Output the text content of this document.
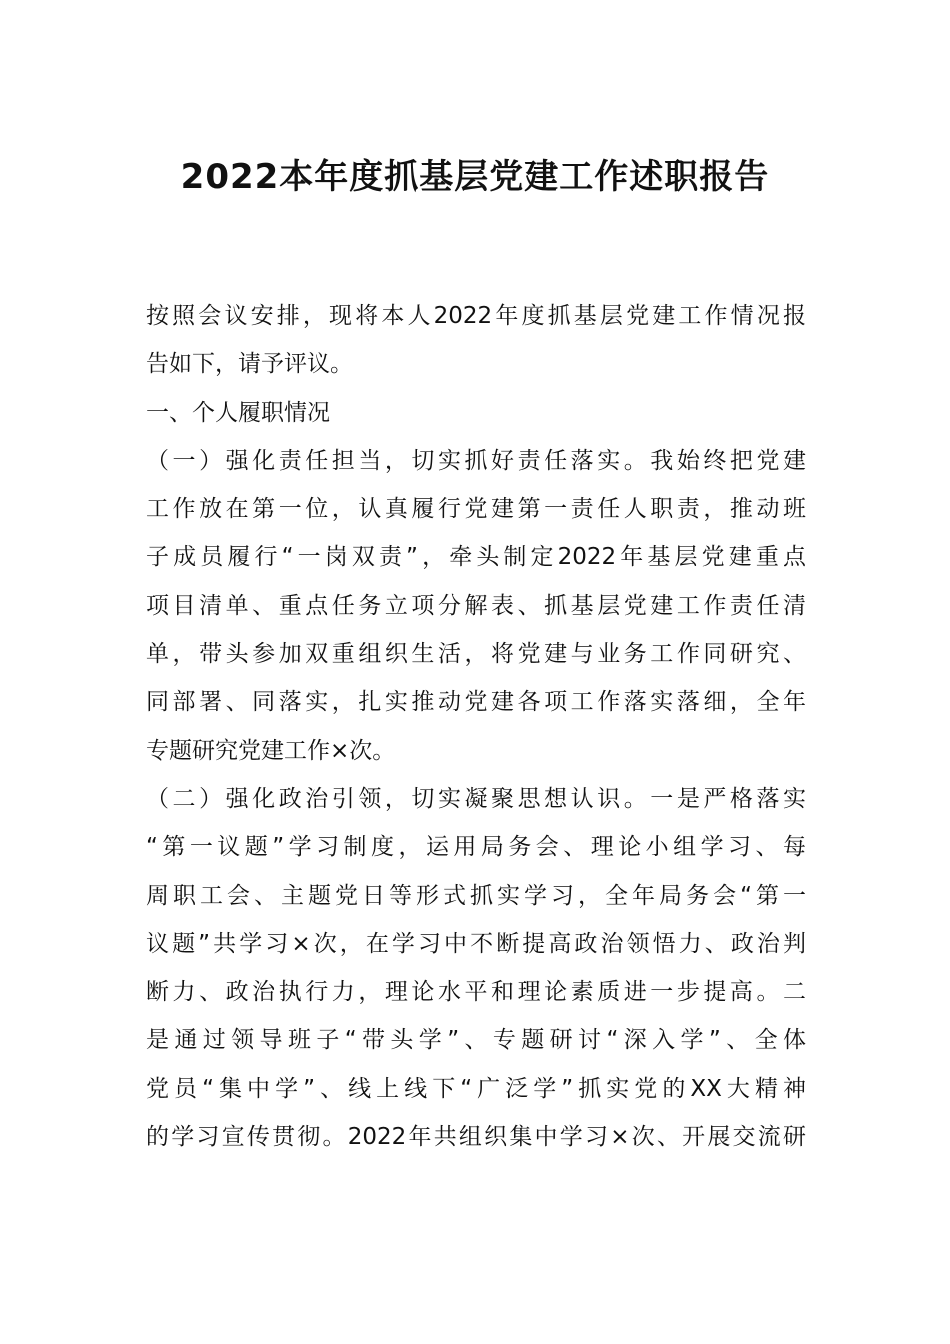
2022本年度抓基层党建工作述职报告
按照会议安排，现将本人2022年度抓基层党建工作情况报
告如下，请予评议。
一、个人履职情况
（一）强化责任担当，切实抓好责任落实。我始终把党建
工作放在第一位，认真履行党建第一责任人职责，推动班
子成员履行“一岗双责”，牵头制定2022年基层党建重点
项目清单、重点任务立项分解表、抓基层党建工作责任清
单，带头参加双重组织生活，将党建与业务工作同研究、
同部署、同落实，扎实推动党建各项工作落实落细，全年
专题研究党建工作×次。
（二）强化政治引领，切实凝聚思想认识。一是严格落实
“第一议题”学习制度，运用局务会、理论小组学习、每
周职工会、主题党日等形式抓实学习，全年局务会“第一
议题”共学习×次，在学习中不断提高政治领悟力、政治判
断力、政治执行力，理论水平和理论素质进一步提高。二
是通过领导班子“带头学”、专题研讨“深入学”、全体
党员“集中学”、线上线下“广泛学”抓实党的XX大精神
的学习宣传贯彻。2022年共组织集中学习×次、开展交流研
